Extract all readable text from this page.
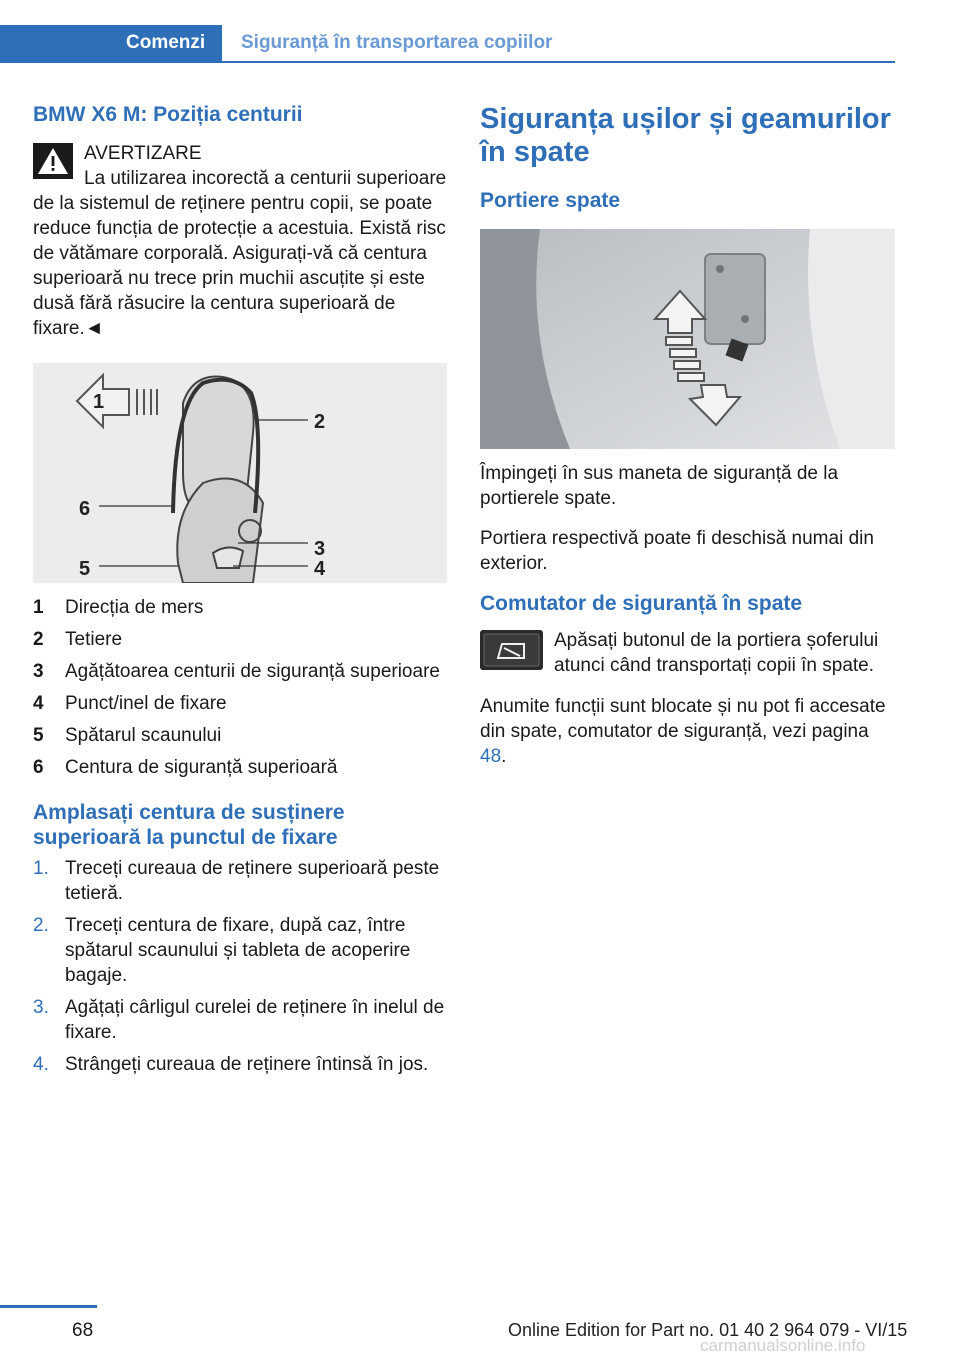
Comenzi	Siguranță în transportarea copiilor
BMW X6 M: Poziția centurii
AVERTIZARE
La utilizarea incorectă a centurii superioare de la sistemul de reținere pentru copii, se poate reduce funcția de protecție a acestuia. Există risc de vătămare corporală. Asigurați-vă că centura superioară nu trece prin muchii ascuțite și este dusă fără răsucire la centura superioară de fixare.◄
1
2
3
4
5
6
1	Direcția de mers
2	Tetiere
3	Agățătoarea centurii de siguranță superioare
4	Punct/inel de fixare
5	Spătarul scaunului
6	Centura de siguranță superioară
Amplasați centura de susținere superioară la punctul de fixare
1. Treceți cureaua de reținere superioară peste tetieră.
2. Treceți centura de fixare, după caz, între spătarul scaunului și tableta de acoperire bagaje.
3. Agățați cârligul curelei de reținere în inelul de fixare.
4. Strângeți cureaua de reținere întinsă în jos.
Siguranța ușilor și geamurilor în spate
Portiere spate

Împingeți în sus maneta de siguranță de la portierele spate.

Portiera respectivă poate fi deschisă numai din exterior.

Comutator de siguranță în spate
Apăsați butonul de la portiera șoferului atunci când transportați copii în spate.

Anumite funcții sunt blocate și nu pot fi accesate din spate, comutator de siguranță, vezi pagina 48.

68	Online Edition for Part no. 01 40 2 964 079 - VI/15
carmanualsonline.info
